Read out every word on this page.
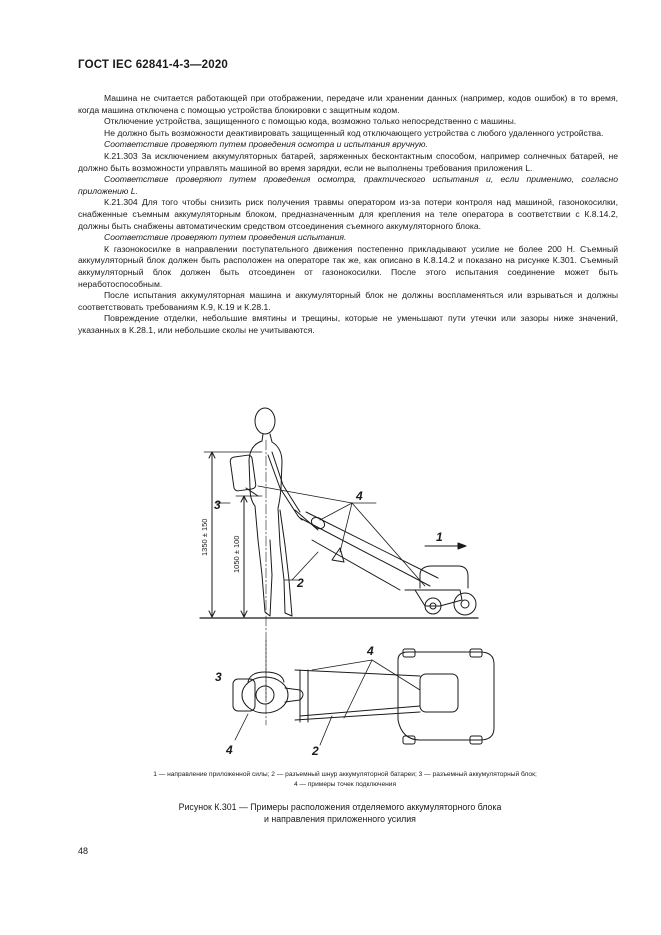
ГОСТ IEC 62841-4-3—2020

Машина не считается работающей при отображении, передаче или хранении данных (например, кодов ошибок) в то время, когда машина отключена с помощью устройства блокировки с защитным кодом.

Отключение устройства, защищенного с помощью кода, возможно только непосредственно с машины.

Не должно быть возможности деактивировать защищенный код отключающего устройства с любого удаленного устройства.

Соответствие проверяют путем проведения осмотра и испытания вручную.

К.21.303 За исключением аккумуляторных батарей, заряженных бесконтактным способом, например солнечных батарей, не должно быть возможности управлять машиной во время зарядки, если не выполнены требования приложения L.

Соответствие проверяют путем проведения осмотра, практического испытания и, если применимо, согласно приложению L.

К.21.304 Для того чтобы снизить риск получения травмы оператором из-за потери контроля над машиной, газонокосилки, снабженные съемным аккумуляторным блоком, предназначенным для крепления на теле оператора в соответствии с К.8.14.2, должны быть снабжены автоматическим средством отсоединения съемного аккумуляторного блока.

Соответствие проверяют путем проведения испытания.

К газонокосилке в направлении поступательного движения постепенно прикладывают усилие не более 200 Н. Съемный аккумуляторный блок должен быть расположен на операторе так же, как описано в К.8.14.2 и показано на рисунке К.301. Съемный аккумуляторный блок должен быть отсоединен от газонокосилки. После этого испытания соединение может быть неработоспособным.

После испытания аккумуляторная машина и аккумуляторный блок не должны воспламеняться или взрываться и должны соответствовать требованиям К.9, К.19 и К.28.1.

Повреждение отделки, небольшие вмятины и трещины, которые не уменьшают пути утечки или зазоры ниже значений, указанных в К.28.1, или небольшие сколы не учитываются.

1
2
3
4
3
4
4	2
1350 ± 150	1050 ± 100
1 — направление приложенной силы; 2 — разъемный шнур аккумуляторной батареи; 3 — разъемный аккумуляторный блок;
4 — примеры точек подключения
Рисунок К.301 — Примеры расположения отделяемого аккумуляторного блока
и направления приложенного усилия
48
